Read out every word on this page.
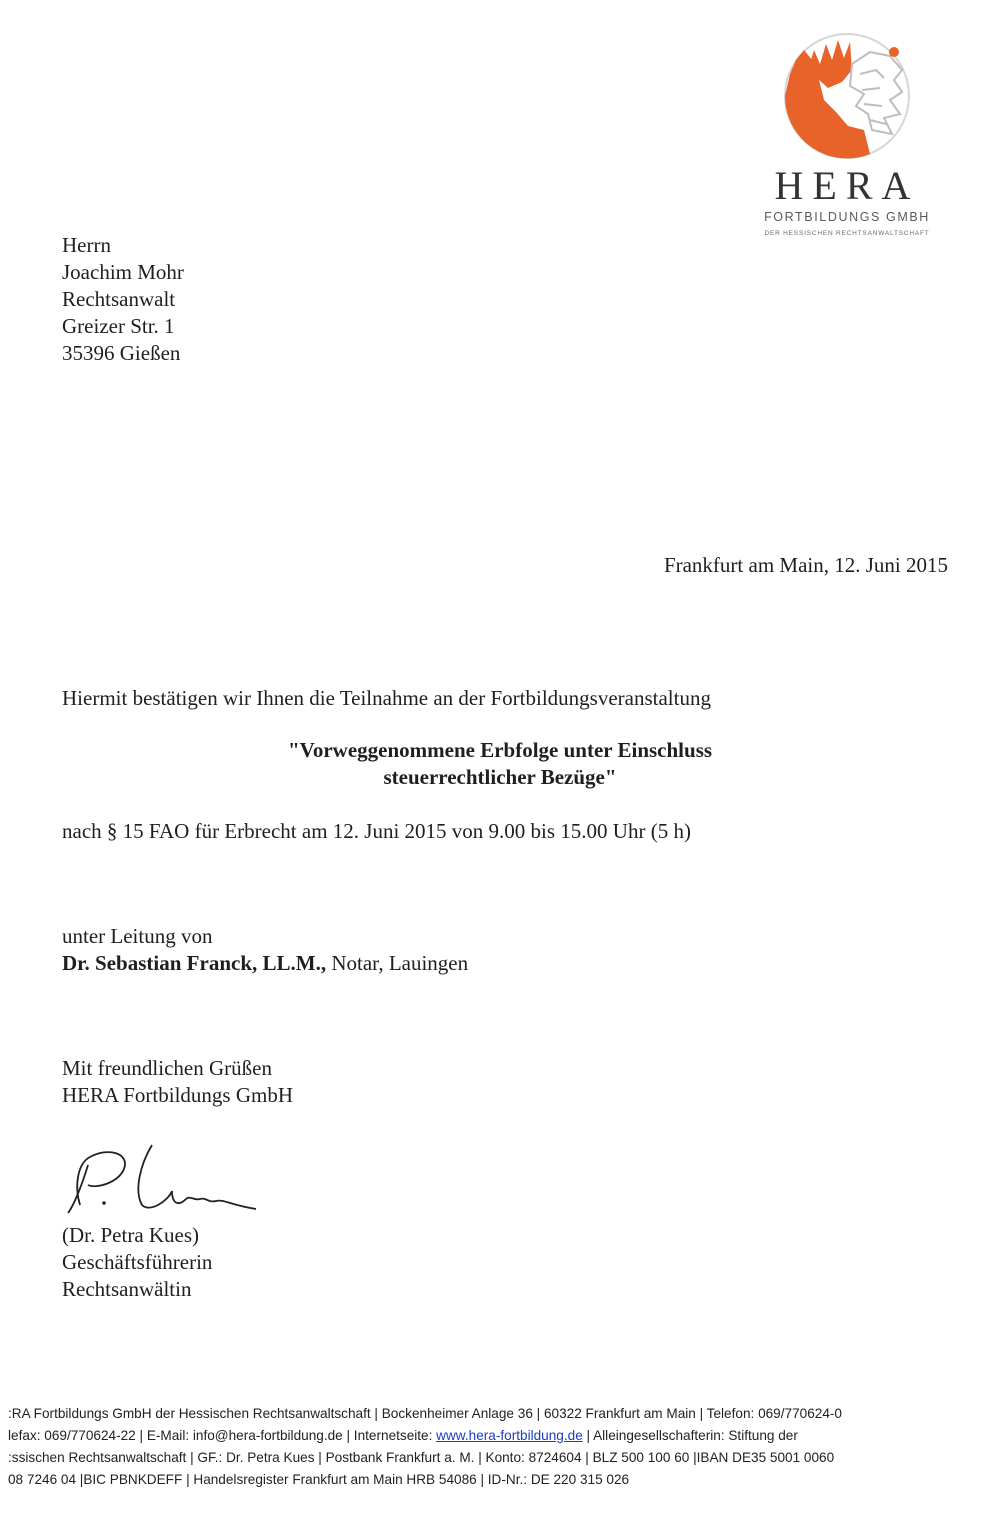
HERA
FORTBILDUNGS GMBH
DER HESSISCHEN RECHTSANWALTSCHAFT
Herrn
Joachim Mohr
Rechtsanwalt
Greizer Str. 1
35396 Gießen
Frankfurt am Main, 12. Juni 2015
Hiermit bestätigen wir Ihnen die Teilnahme an der Fortbildungsveranstaltung
"Vorweggenommene Erbfolge unter Einschluss
steuerrechtlicher Bezüge"
nach § 15 FAO für Erbrecht am 12. Juni 2015 von 9.00 bis 15.00 Uhr (5 h)
unter Leitung von
Dr. Sebastian Franck, LL.M., Notar, Lauingen
Mit freundlichen Grüßen
HERA Fortbildungs GmbH
(Dr. Petra Kues)
Geschäftsführerin
Rechtsanwältin
:RA Fortbildungs GmbH der Hessischen Rechtsanwaltschaft | Bockenheimer Anlage 36 | 60322 Frankfurt am Main | Telefon: 069/770624-0
lefax: 069/770624-22 | E-Mail: info@hera-fortbildung.de | Internetseite: www.hera-fortbildung.de | Alleingesellschafterin: Stiftung der
:ssischen Rechtsanwaltschaft | GF.: Dr. Petra Kues | Postbank Frankfurt a. M. | Konto: 8724604 | BLZ 500 100 60 |IBAN DE35 5001 0060
08 7246 04 |BIC PBNKDEFF | Handelsregister Frankfurt am Main HRB 54086 | ID-Nr.: DE 220 315 026
